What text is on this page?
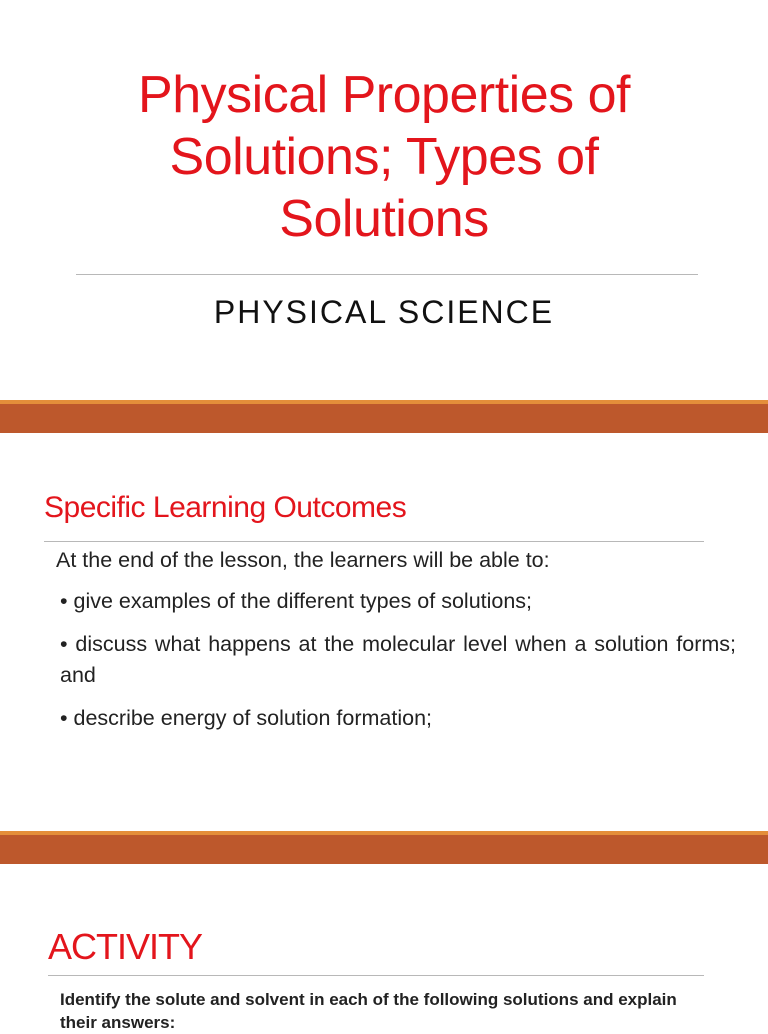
Physical Properties of Solutions; Types of Solutions
PHYSICAL SCIENCE
Specific Learning Outcomes

At the end of the lesson, the learners will be able to:

• give examples of the different types of solutions;

• discuss what happens at the molecular level when a solution forms; and

• describe energy of solution formation;

ACTIVITY
Identify the solute and solvent in each of the following solutions and explain their answers:
